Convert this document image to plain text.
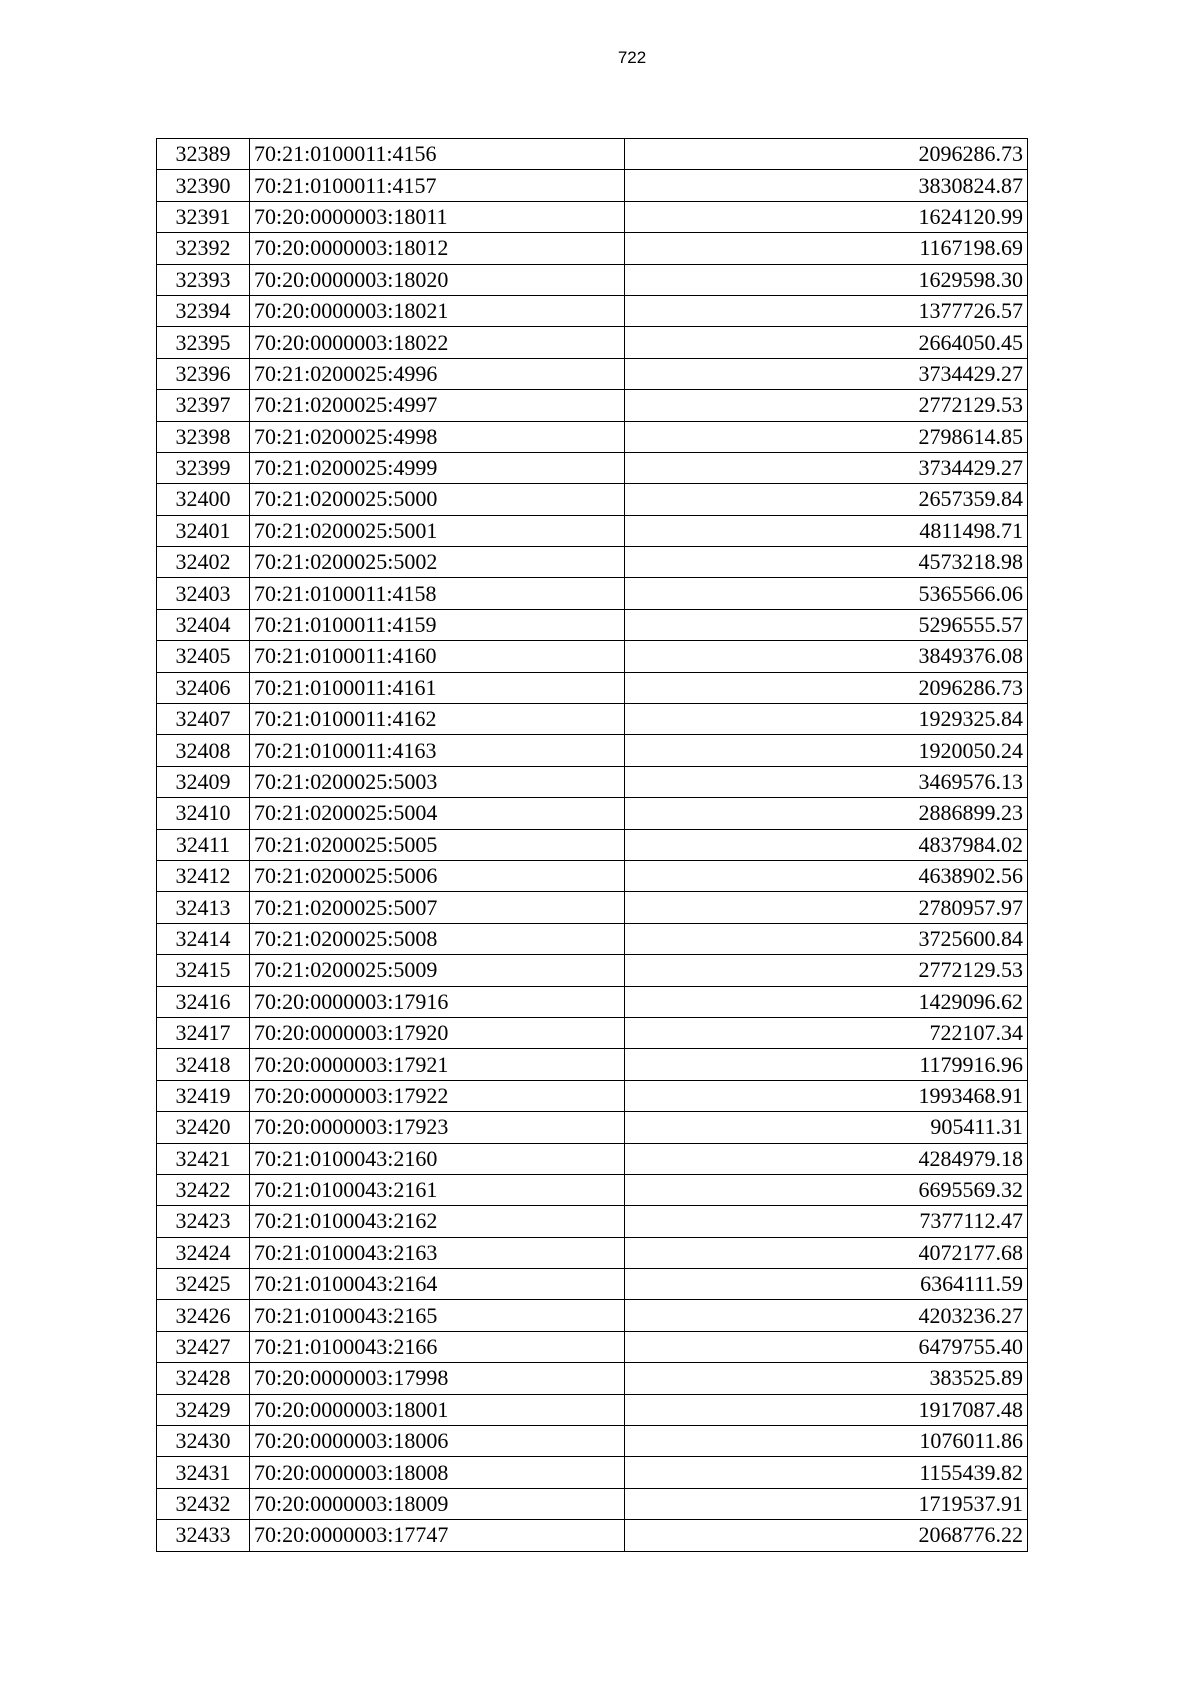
722
32389	70:21:0100011:4156	2096286.73
32390	70:21:0100011:4157	3830824.87
32391	70:20:0000003:18011	1624120.99
32392	70:20:0000003:18012	1167198.69
32393	70:20:0000003:18020	1629598.30
32394	70:20:0000003:18021	1377726.57
32395	70:20:0000003:18022	2664050.45
32396	70:21:0200025:4996	3734429.27
32397	70:21:0200025:4997	2772129.53
32398	70:21:0200025:4998	2798614.85
32399	70:21:0200025:4999	3734429.27
32400	70:21:0200025:5000	2657359.84
32401	70:21:0200025:5001	4811498.71
32402	70:21:0200025:5002	4573218.98
32403	70:21:0100011:4158	5365566.06
32404	70:21:0100011:4159	5296555.57
32405	70:21:0100011:4160	3849376.08
32406	70:21:0100011:4161	2096286.73
32407	70:21:0100011:4162	1929325.84
32408	70:21:0100011:4163	1920050.24
32409	70:21:0200025:5003	3469576.13
32410	70:21:0200025:5004	2886899.23
32411	70:21:0200025:5005	4837984.02
32412	70:21:0200025:5006	4638902.56
32413	70:21:0200025:5007	2780957.97
32414	70:21:0200025:5008	3725600.84
32415	70:21:0200025:5009	2772129.53
32416	70:20:0000003:17916	1429096.62
32417	70:20:0000003:17920	722107.34
32418	70:20:0000003:17921	1179916.96
32419	70:20:0000003:17922	1993468.91
32420	70:20:0000003:17923	905411.31
32421	70:21:0100043:2160	4284979.18
32422	70:21:0100043:2161	6695569.32
32423	70:21:0100043:2162	7377112.47
32424	70:21:0100043:2163	4072177.68
32425	70:21:0100043:2164	6364111.59
32426	70:21:0100043:2165	4203236.27
32427	70:21:0100043:2166	6479755.40
32428	70:20:0000003:17998	383525.89
32429	70:20:0000003:18001	1917087.48
32430	70:20:0000003:18006	1076011.86
32431	70:20:0000003:18008	1155439.82
32432	70:20:0000003:18009	1719537.91
32433	70:20:0000003:17747	2068776.22
